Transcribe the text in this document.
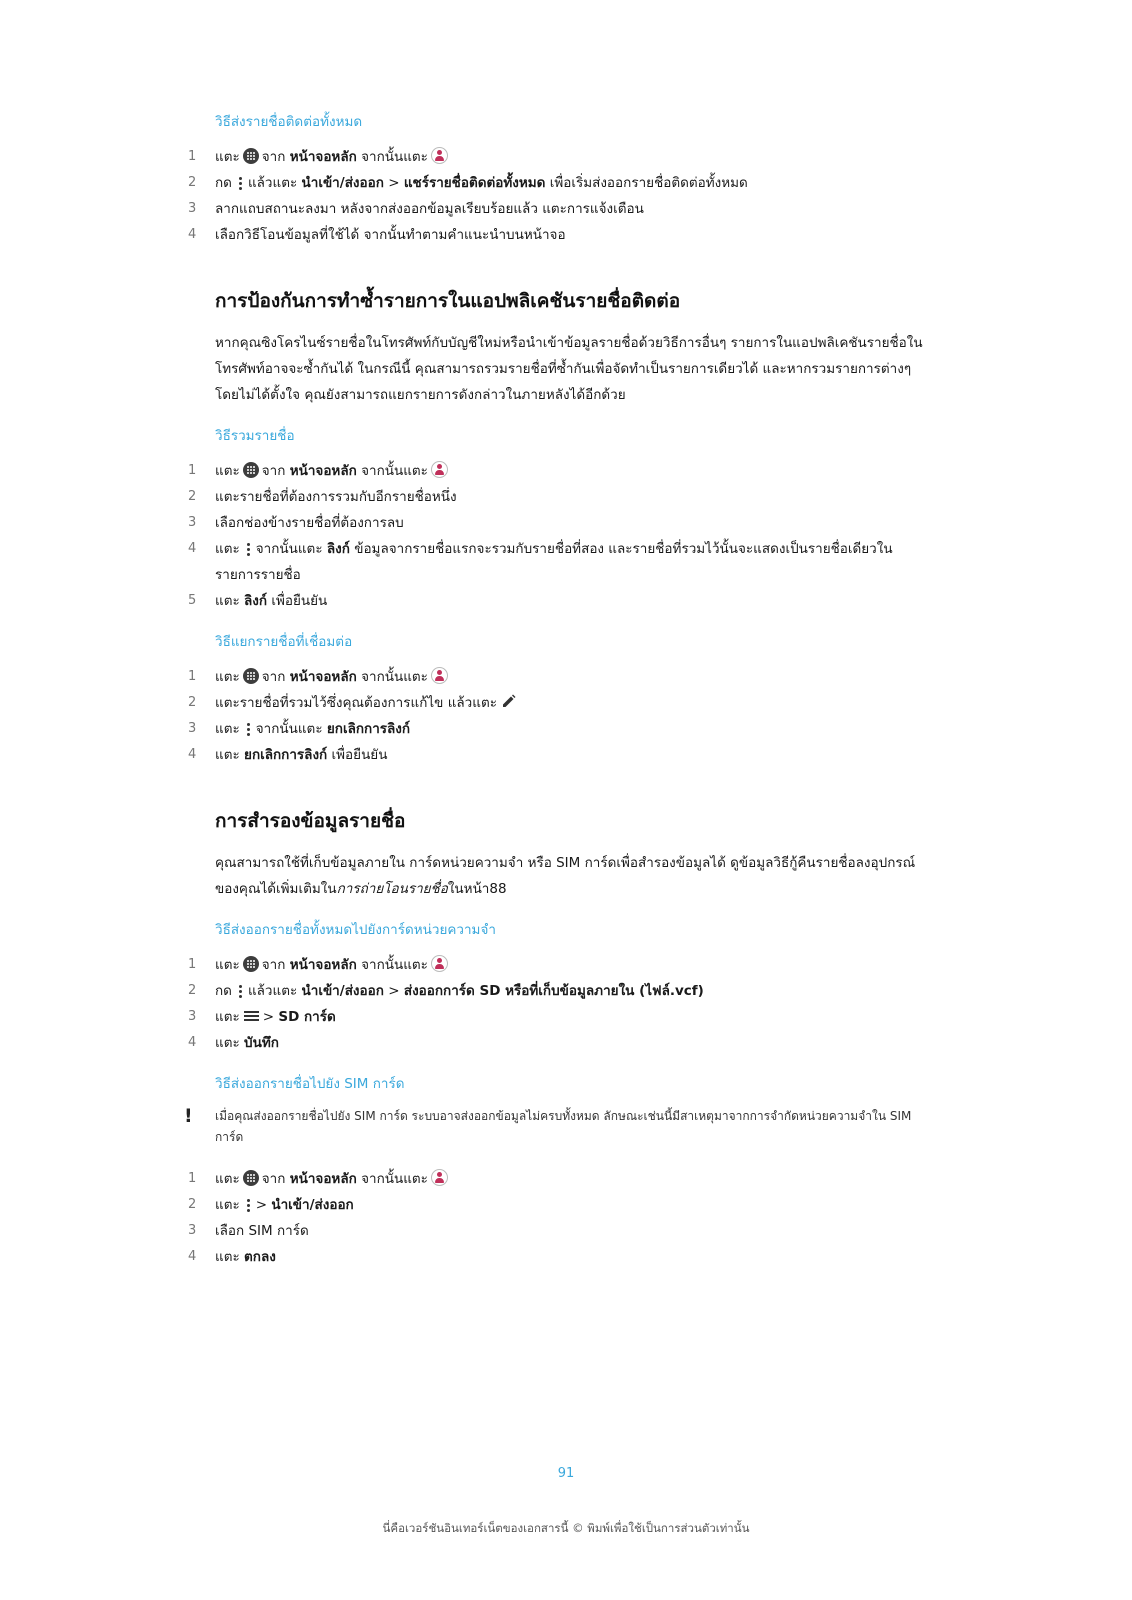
วิธีส่งรายชื่อติดต่อทั้งหมด
1 แตะ จาก หน้าจอหลัก จากนั้นแตะ
2 กด แล้วแตะ นำเข้า/ส่งออก > แชร์รายชื่อติดต่อทั้งหมด เพื่อเริ่มส่งออกรายชื่อติดต่อทั้งหมด
3 ลากแถบสถานะลงมา หลังจากส่งออกข้อมูลเรียบร้อยแล้ว แตะการแจ้งเตือน
4 เลือกวิธีโอนข้อมูลที่ใช้ได้ จากนั้นทำตามคำแนะนำบนหน้าจอ
การป้องกันการทำซ้ำรายการในแอปพลิเคชันรายชื่อติดต่อ

หากคุณซิงโครไนซ์รายชื่อในโทรศัพท์กับบัญชีใหม่หรือนำเข้าข้อมูลรายชื่อด้วยวิธีการอื่นๆ รายการในแอปพลิเคชันรายชื่อในโทรศัพท์อาจจะซ้ำกันได้ ในกรณีนี้ คุณสามารถรวมรายชื่อที่ซ้ำกันเพื่อจัดทำเป็นรายการเดียวได้ และหากรวมรายการต่างๆ โดยไม่ได้ตั้งใจ คุณยังสามารถแยกรายการดังกล่าวในภายหลังได้อีกด้วย

วิธีรวมรายชื่อ
1 แตะ จาก หน้าจอหลัก จากนั้นแตะ
2 แตะรายชื่อที่ต้องการรวมกับอีกรายชื่อหนึ่ง
3 เลือกช่องข้างรายชื่อที่ต้องการลบ
4 แตะ จากนั้นแตะ ลิงก์ ข้อมูลจากรายชื่อแรกจะรวมกับรายชื่อที่สอง และรายชื่อที่รวมไว้นั้นจะแสดงเป็นรายชื่อเดียวในรายการรายชื่อ
5 แตะ ลิงก์ เพื่อยืนยัน
วิธีแยกรายชื่อที่เชื่อมต่อ
1 แตะ จาก หน้าจอหลัก จากนั้นแตะ
2 แตะรายชื่อที่รวมไว้ซึ่งคุณต้องการแก้ไข แล้วแตะ
3 แตะ จากนั้นแตะ ยกเลิกการลิงก์
4 แตะ ยกเลิกการลิงก์ เพื่อยืนยัน
การสำรองข้อมูลรายชื่อ

คุณสามารถใช้ที่เก็บข้อมูลภายใน การ์ดหน่วยความจำ หรือ SIM การ์ดเพื่อสำรองข้อมูลได้ ดูข้อมูลวิธีกู้คืนรายชื่อลงอุปกรณ์ของคุณได้เพิ่มเติมในการถ่ายโอนรายชื่อในหน้า88

วิธีส่งออกรายชื่อทั้งหมดไปยังการ์ดหน่วยความจำ
1 แตะ จาก หน้าจอหลัก จากนั้นแตะ
2 กด แล้วแตะ นำเข้า/ส่งออก > ส่งออกการ์ด SD หรือที่เก็บข้อมูลภายใน (ไฟล์.vcf)
3 แตะ > SD การ์ด
4 แตะ บันทึก
วิธีส่งออกรายชื่อไปยัง SIM การ์ด
! เมื่อคุณส่งออกรายชื่อไปยัง SIM การ์ด ระบบอาจส่งออกข้อมูลไม่ครบทั้งหมด ลักษณะเช่นนี้มีสาเหตุมาจากการจำกัดหน่วยความจำใน SIM การ์ด
1 แตะ จาก หน้าจอหลัก จากนั้นแตะ
2 แตะ > นำเข้า/ส่งออก
3 เลือก SIM การ์ด
4 แตะ ตกลง
91
นี่คือเวอร์ชันอินเทอร์เน็ตของเอกสารนี้ © พิมพ์เพื่อใช้เป็นการส่วนตัวเท่านั้น
